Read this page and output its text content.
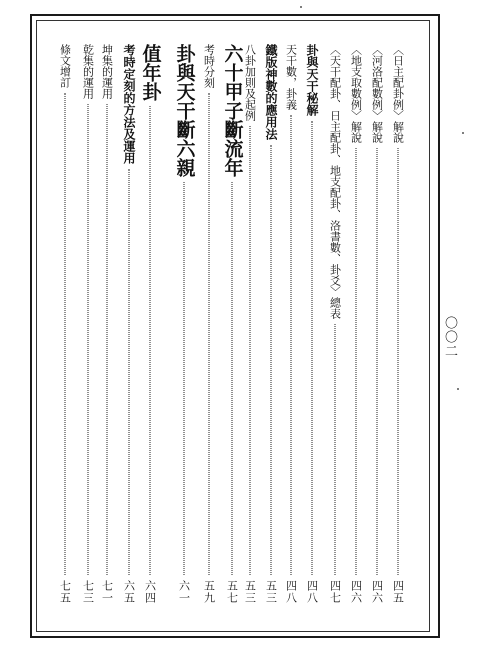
〈日主配卦例〉解說
四五
〈河洛配數例〉解說
四六
〈地支取數例〉解說
四六
〈天干配卦、日主配卦、地支配卦、洛書數、卦爻〉總表
四七
卦與天干秘解
四八
天干數，卦義
四八
鐵版神數的應用法
五三
八卦加則及起例
五三
六十甲子斷流年
五七
考時分刻
五九
卦與天干斷六親
六一
值年卦
六四
考時定刻的方法及運用
六五
坤集的運用
七一
乾集的運用
七三
條文增訂
七五
〇〇二
